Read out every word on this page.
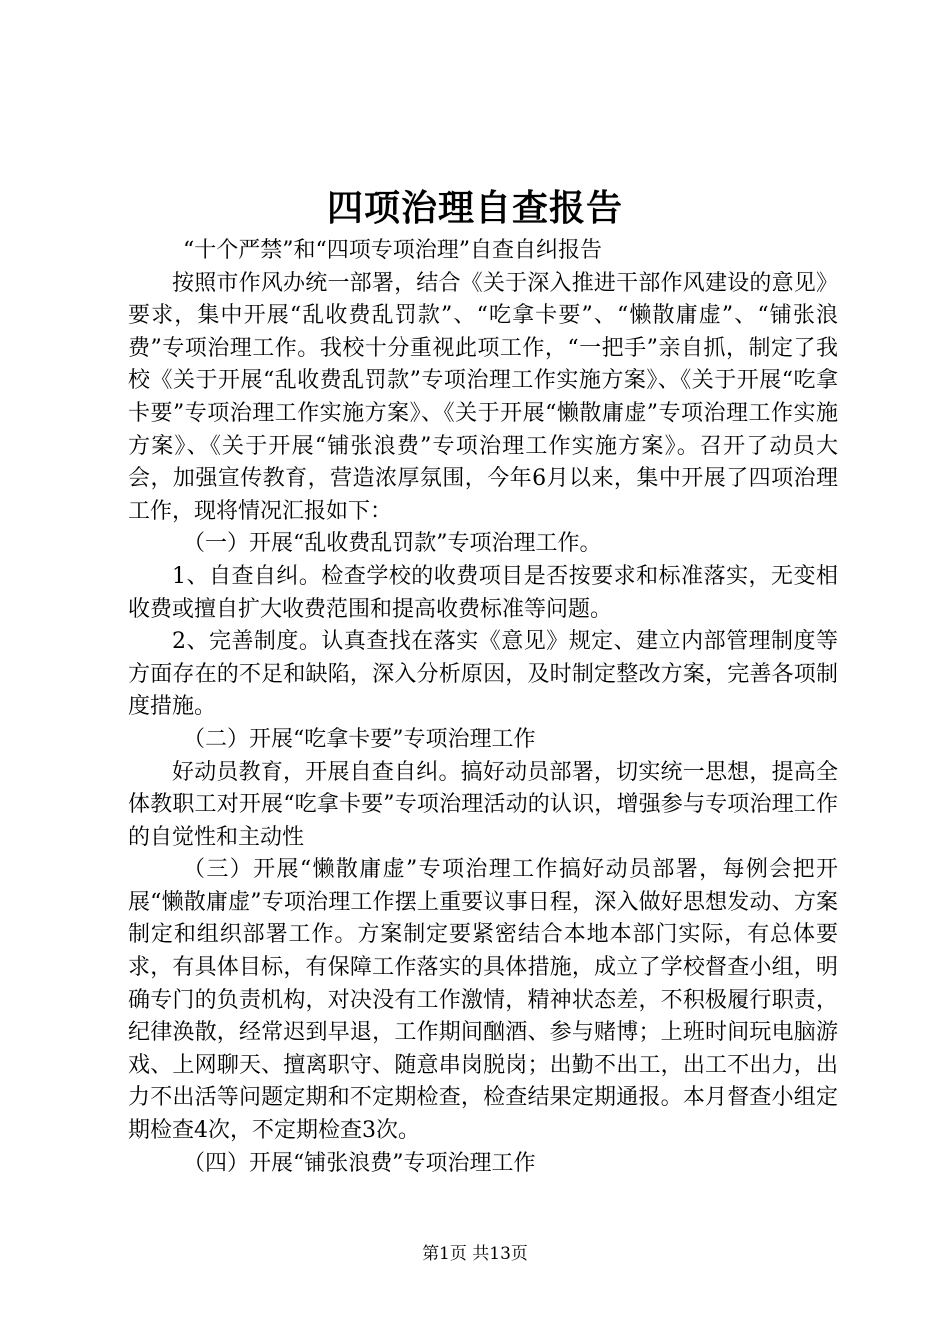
四项治理自查报告

“十个严禁”和“四项专项治理”自查自纠报告

按照市作风办统一部署，结合《关于深入推进干部作风建设的意见》要求，集中开展“乱收费乱罚款”、“吃拿卡要”、“懒散庸虚”、“铺张浪费”专项治理工作。我校十分重视此项工作，“一把手”亲自抓，制定了我校《关于开展“乱收费乱罚款”专项治理工作实施方案》、《关于开展“吃拿卡要”专项治理工作实施方案》、《关于开展“懒散庸虚”专项治理工作实施方案》、《关于开展“铺张浪费”专项治理工作实施方案》。召开了动员大会，加强宣传教育，营造浓厚氛围，今年6月以来，集中开展了四项治理工作，现将情况汇报如下：

（一）开展“乱收费乱罚款”专项治理工作。

1、自查自纠。检查学校的收费项目是否按要求和标准落实，无变相收费或擅自扩大收费范围和提高收费标准等问题。

2、完善制度。认真查找在落实《意见》规定、建立内部管理制度等方面存在的不足和缺陷，深入分析原因，及时制定整改方案，完善各项制度措施。

（二）开展“吃拿卡要”专项治理工作

好动员教育，开展自查自纠。搞好动员部署，切实统一思想，提高全体教职工对开展“吃拿卡要”专项治理活动的认识，增强参与专项治理工作的自觉性和主动性

（三）开展“懒散庸虚”专项治理工作搞好动员部署，每例会把开展“懒散庸虚”专项治理工作摆上重要议事日程，深入做好思想发动、方案制定和组织部署工作。方案制定要紧密结合本地本部门实际，有总体要求，有具体目标，有保障工作落实的具体措施，成立了学校督查小组，明确专门的负责机构，对决没有工作激情，精神状态差，不积极履行职责，纪律涣散，经常迟到早退，工作期间酗酒、参与赌博；上班时间玩电脑游戏、上网聊天、擅离职守、随意串岗脱岗；出勤不出工，出工不出力，出力不出活等问题定期和不定期检查，检查结果定期通报。本月督查小组定期检查4次，不定期检查3次。

（四）开展“铺张浪费”专项治理工作

第1页 共13页
